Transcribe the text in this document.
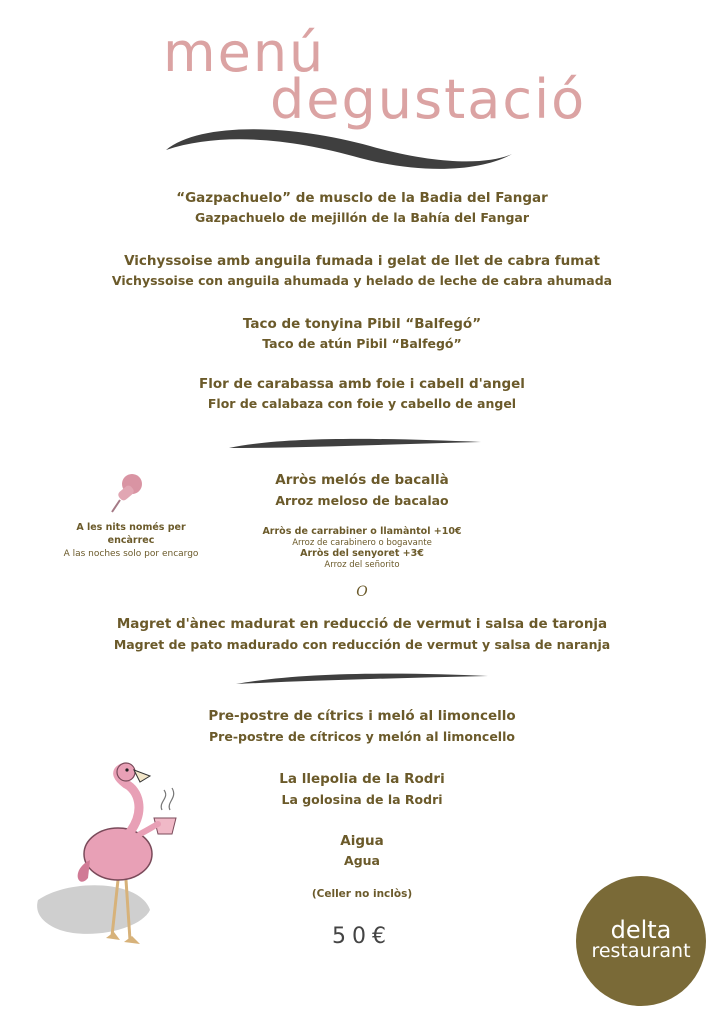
menú
degustació
“Gazpachuelo” de musclo de la Badia del Fangar
Gazpachuelo de mejillón de la Bahía del Fangar
Vichyssoise amb anguila fumada i gelat de llet de cabra fumat
Vichyssoise con anguila ahumada y helado de leche de cabra ahumada
Taco de tonyina Pibil “Balfegó”
Taco de atún Pibil “Balfegó”
Flor de carabassa amb foie i cabell d'angel
Flor de calabaza con foie y cabello de angel
A les nits només per
encàrrec
A las noches solo por encargo
Arròs melós de bacallà
Arroz meloso de bacalao
Arròs de carrabiner o llamàntol +10€
Arroz de carabinero o bogavante
Arròs del senyoret +3€
Arroz del señorito
O
Magret d'ànec madurat en reducció de vermut i salsa de taronja
Magret de pato madurado con reducción de vermut y salsa de naranja
Pre-postre de cítrics i meló al limoncello
Pre-postre de cítricos y melón al limoncello
La llepolia de la Rodri
La golosina de la Rodri
Aigua
Agua
(Celler no inclòs)
50€	delta
restaurant
